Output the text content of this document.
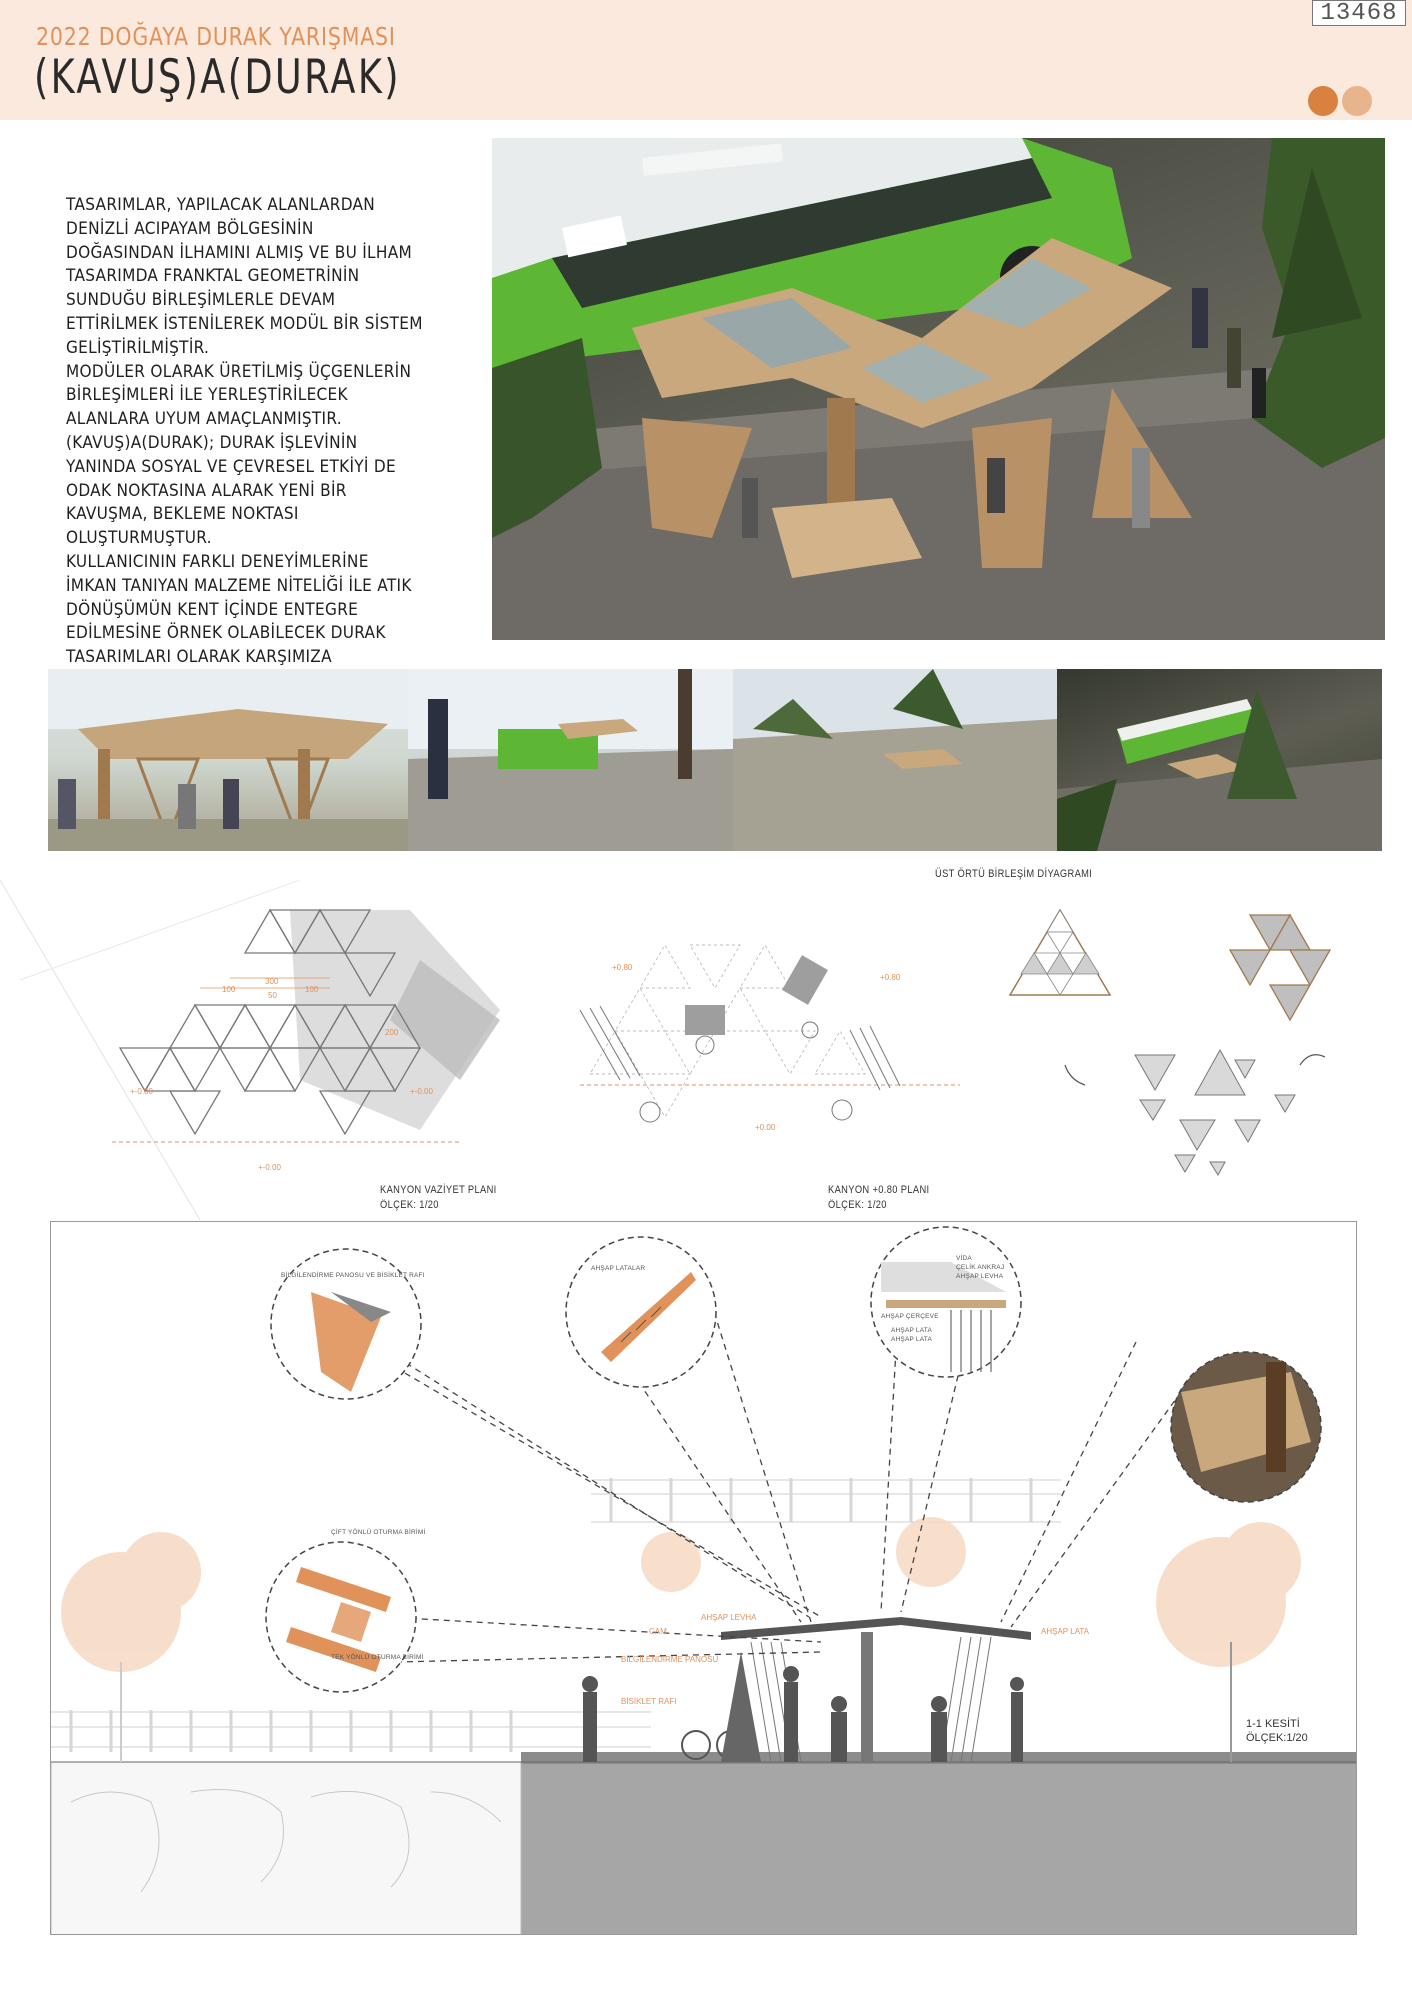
13468
2022 DOĞAYA DURAK YARIŞMASI
(KAVUŞ)A(DURAK)

TASARIMLAR, YAPILACAK ALANLARDAN DENİZLİ ACIPAYAM BÖLGESİNİN DOĞASINDAN İLHAMINI ALMIŞ VE BU İLHAM TASARIMDA FRANKTAL GEOMETRİNİN SUNDUĞU BİRLEŞİMLERLE DEVAM ETTİRİLMEK İSTENİLEREK MODÜL BİR SİSTEM GELİŞTİRİLMİŞTİR.

MODÜLER OLARAK ÜRETİLMİŞ ÜÇGENLERİN BİRLEŞİMLERİ İLE YERLEŞTİRİLECEK ALANLARA UYUM AMAÇLANMIŞTIR.

(KAVUŞ)A(DURAK); DURAK İŞLEVİNİN YANINDA SOSYAL VE ÇEVRESEL ETKİYİ DE ODAK NOKTASINA ALARAK YENİ BİR KAVUŞMA, BEKLEME NOKTASI OLUŞTURMUŞTUR.

KULLANICININ FARKLI DENEYİMLERİNE İMKAN TANIYAN MALZEME NİTELİĞİ İLE ATIK DÖNÜŞÜMÜN KENT İÇİNDE ENTEGRE EDİLMESİNE ÖRNEK OLABİLECEK DURAK TASARIMLARI OLARAK KARŞIMIZA

ÜST ÖRTÜ BİRLEŞİM DİYAGRAMI
300
100	100
50
200
+-0.00	+-0.00
+-0.00
+0.80
+0.80
+0.00
KANYON VAZİYET PLANI
ÖLÇEK: 1/20
KANYON +0.80 PLANI
ÖLÇEK: 1/20
BİLGİLENDİRME PANOSU VE BİSİKLET RAFI
AHŞAP LATALAR
VİDA
ÇELİK ANKRAJ
AHŞAP LEVHA
AHŞAP ÇERÇEVE
AHŞAP LATA
AHŞAP LATA
ÇİFT YÖNLÜ OTURMA BİRİMİ
TEK YÖNLÜ OTURMA BİRİMİ
AHŞAP LEVHA
CAM
BİLGİLENDİRME PANOSU
BİSİKLET RAFI
AHŞAP LATA
1-1 KESİTİ
ÖLÇEK:1/20
